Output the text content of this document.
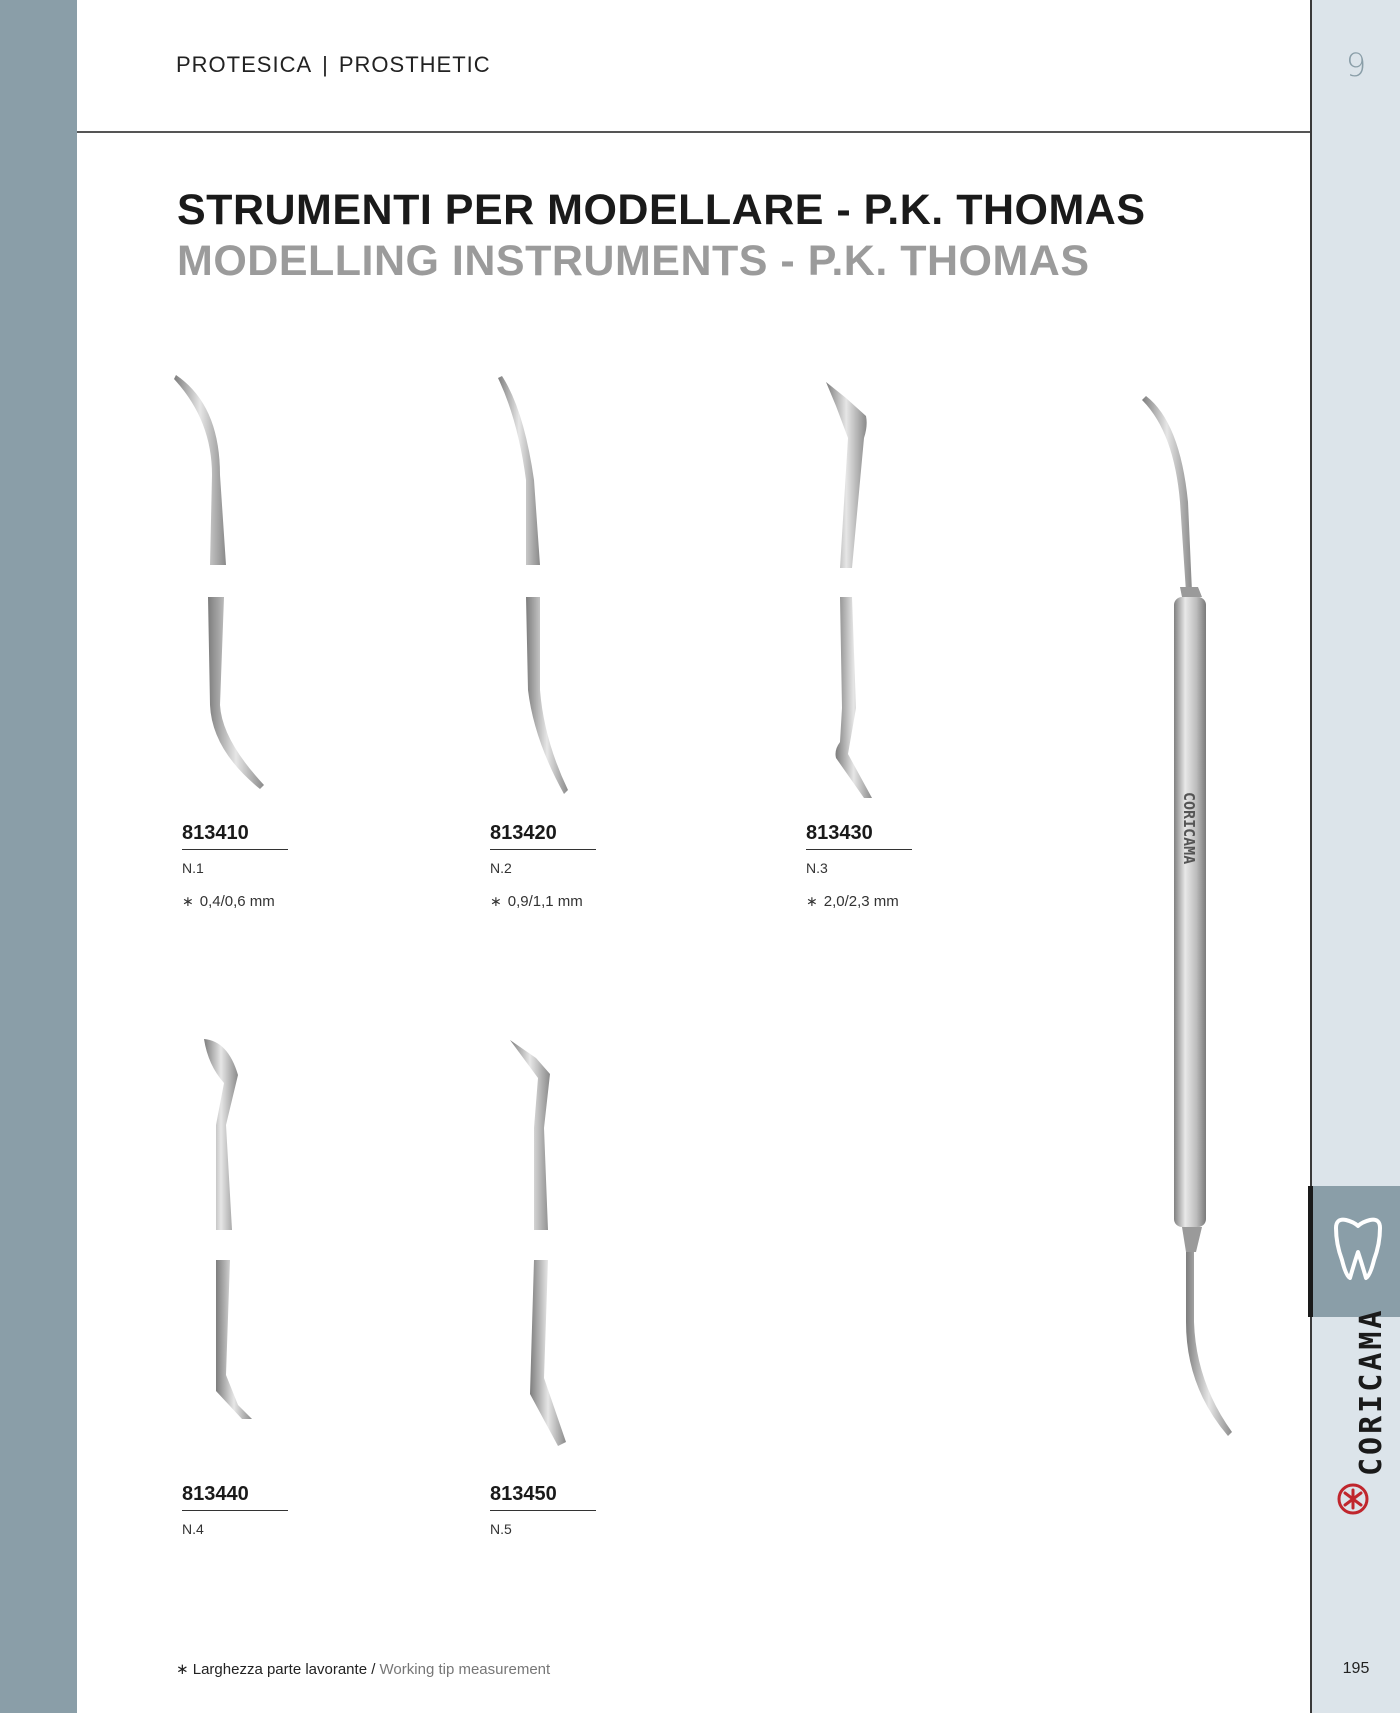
PROTESICA | PROSTHETIC	9
STRUMENTI PER MODELLARE - P.K. THOMAS
MODELLING INSTRUMENTS - P.K. THOMAS
CORICAMA
813410
N.1
∗ 0,4/0,6 mm
813420
N.2
∗ 0,9/1,1 mm
813430
N.3
∗ 2,0/2,3 mm
813440
N.4
813450
N.5
∗ Larghezza parte lavorante / Working tip measurement	195
CORICAMA
